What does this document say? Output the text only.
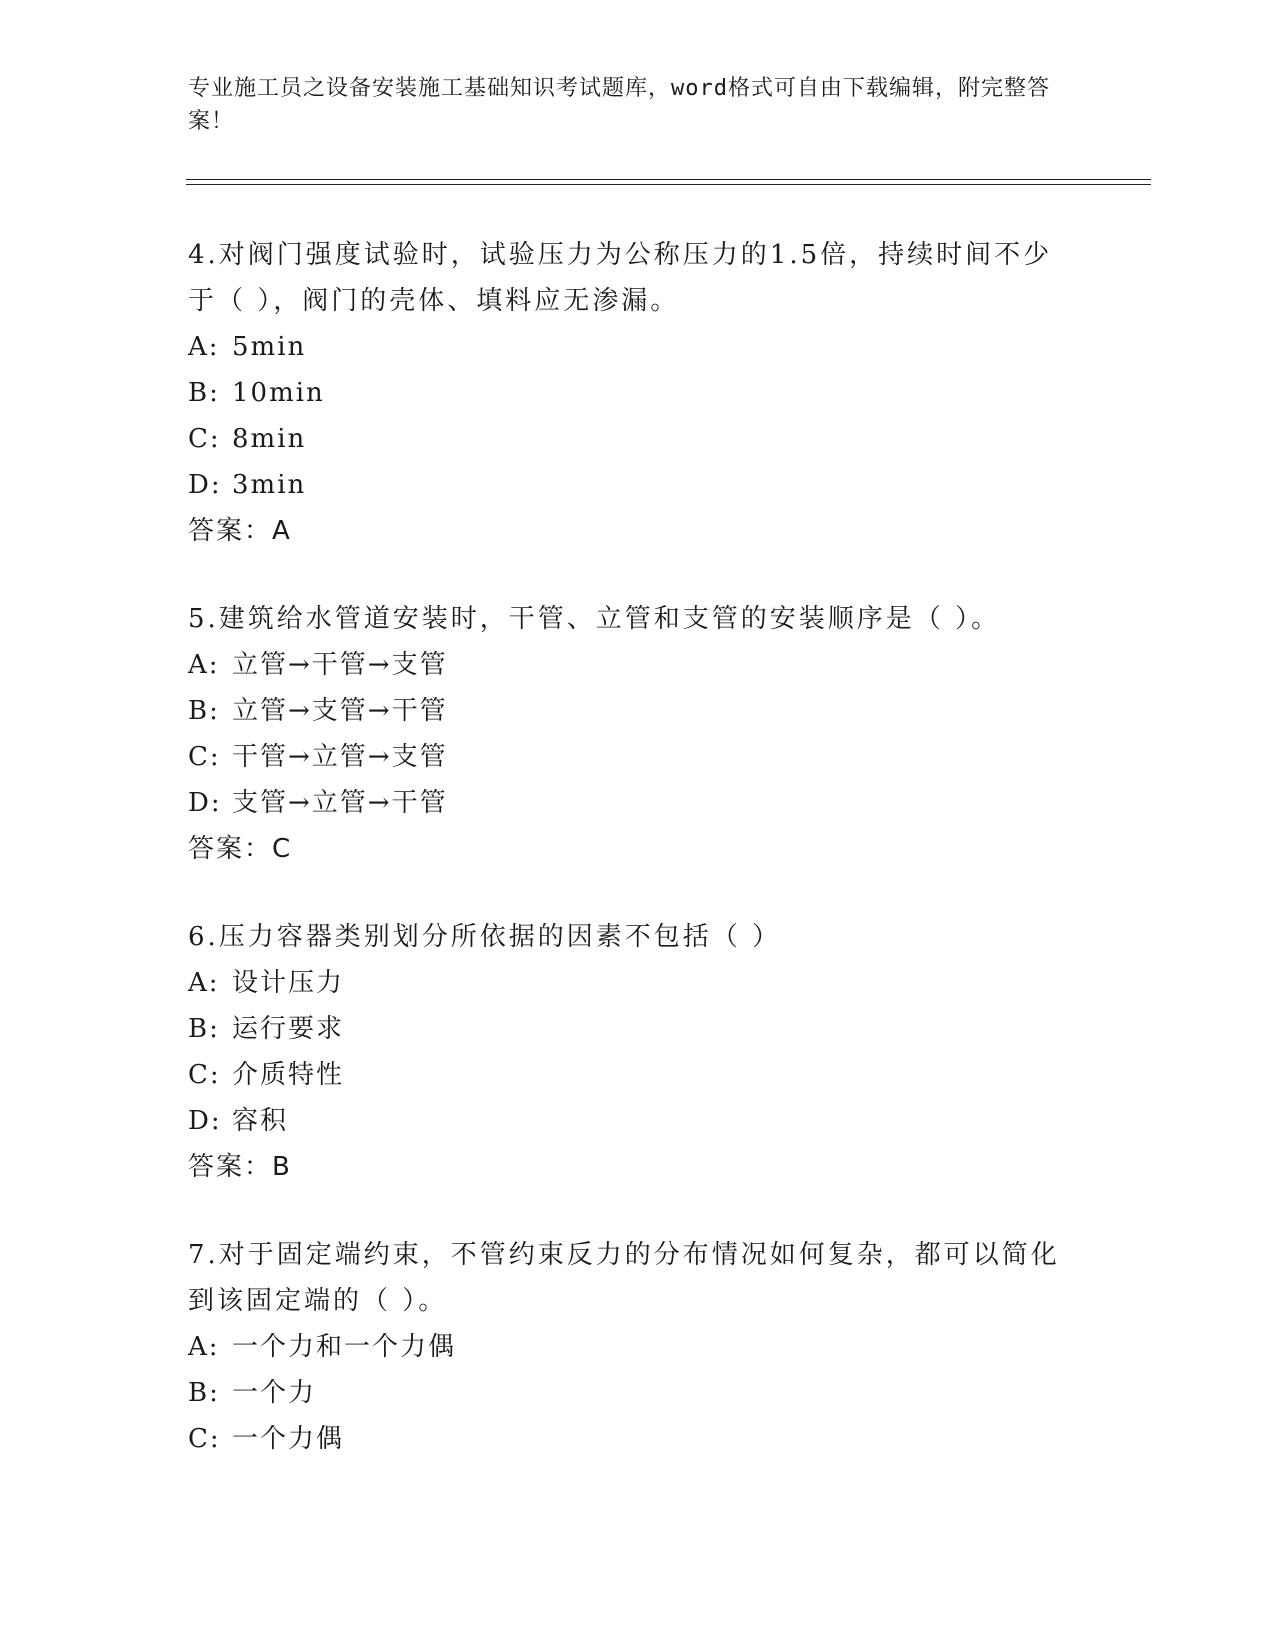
专业施工员之设备安装施工基础知识考试题库，word格式可自由下载编辑，附完整答案！

4.对阀门强度试验时，试验压力为公称压力的1.5倍，持续时间不少于（ ），阀门的壳体、填料应无渗漏。

A: 5min

B: 10min

C: 8min

D: 3min

答案：A

5.建筑给水管道安装时，干管、立管和支管的安装顺序是（ ）。

A: 立管→干管→支管

B: 立管→支管→干管

C: 干管→立管→支管

D: 支管→立管→干管

答案：C

6.压力容器类别划分所依据的因素不包括（ ）

A: 设计压力

B: 运行要求

C: 介质特性

D: 容积

答案：B

7.对于固定端约束，不管约束反力的分布情况如何复杂，都可以简化到该固定端的（ ）。

A: 一个力和一个力偶

B: 一个力

C: 一个力偶
